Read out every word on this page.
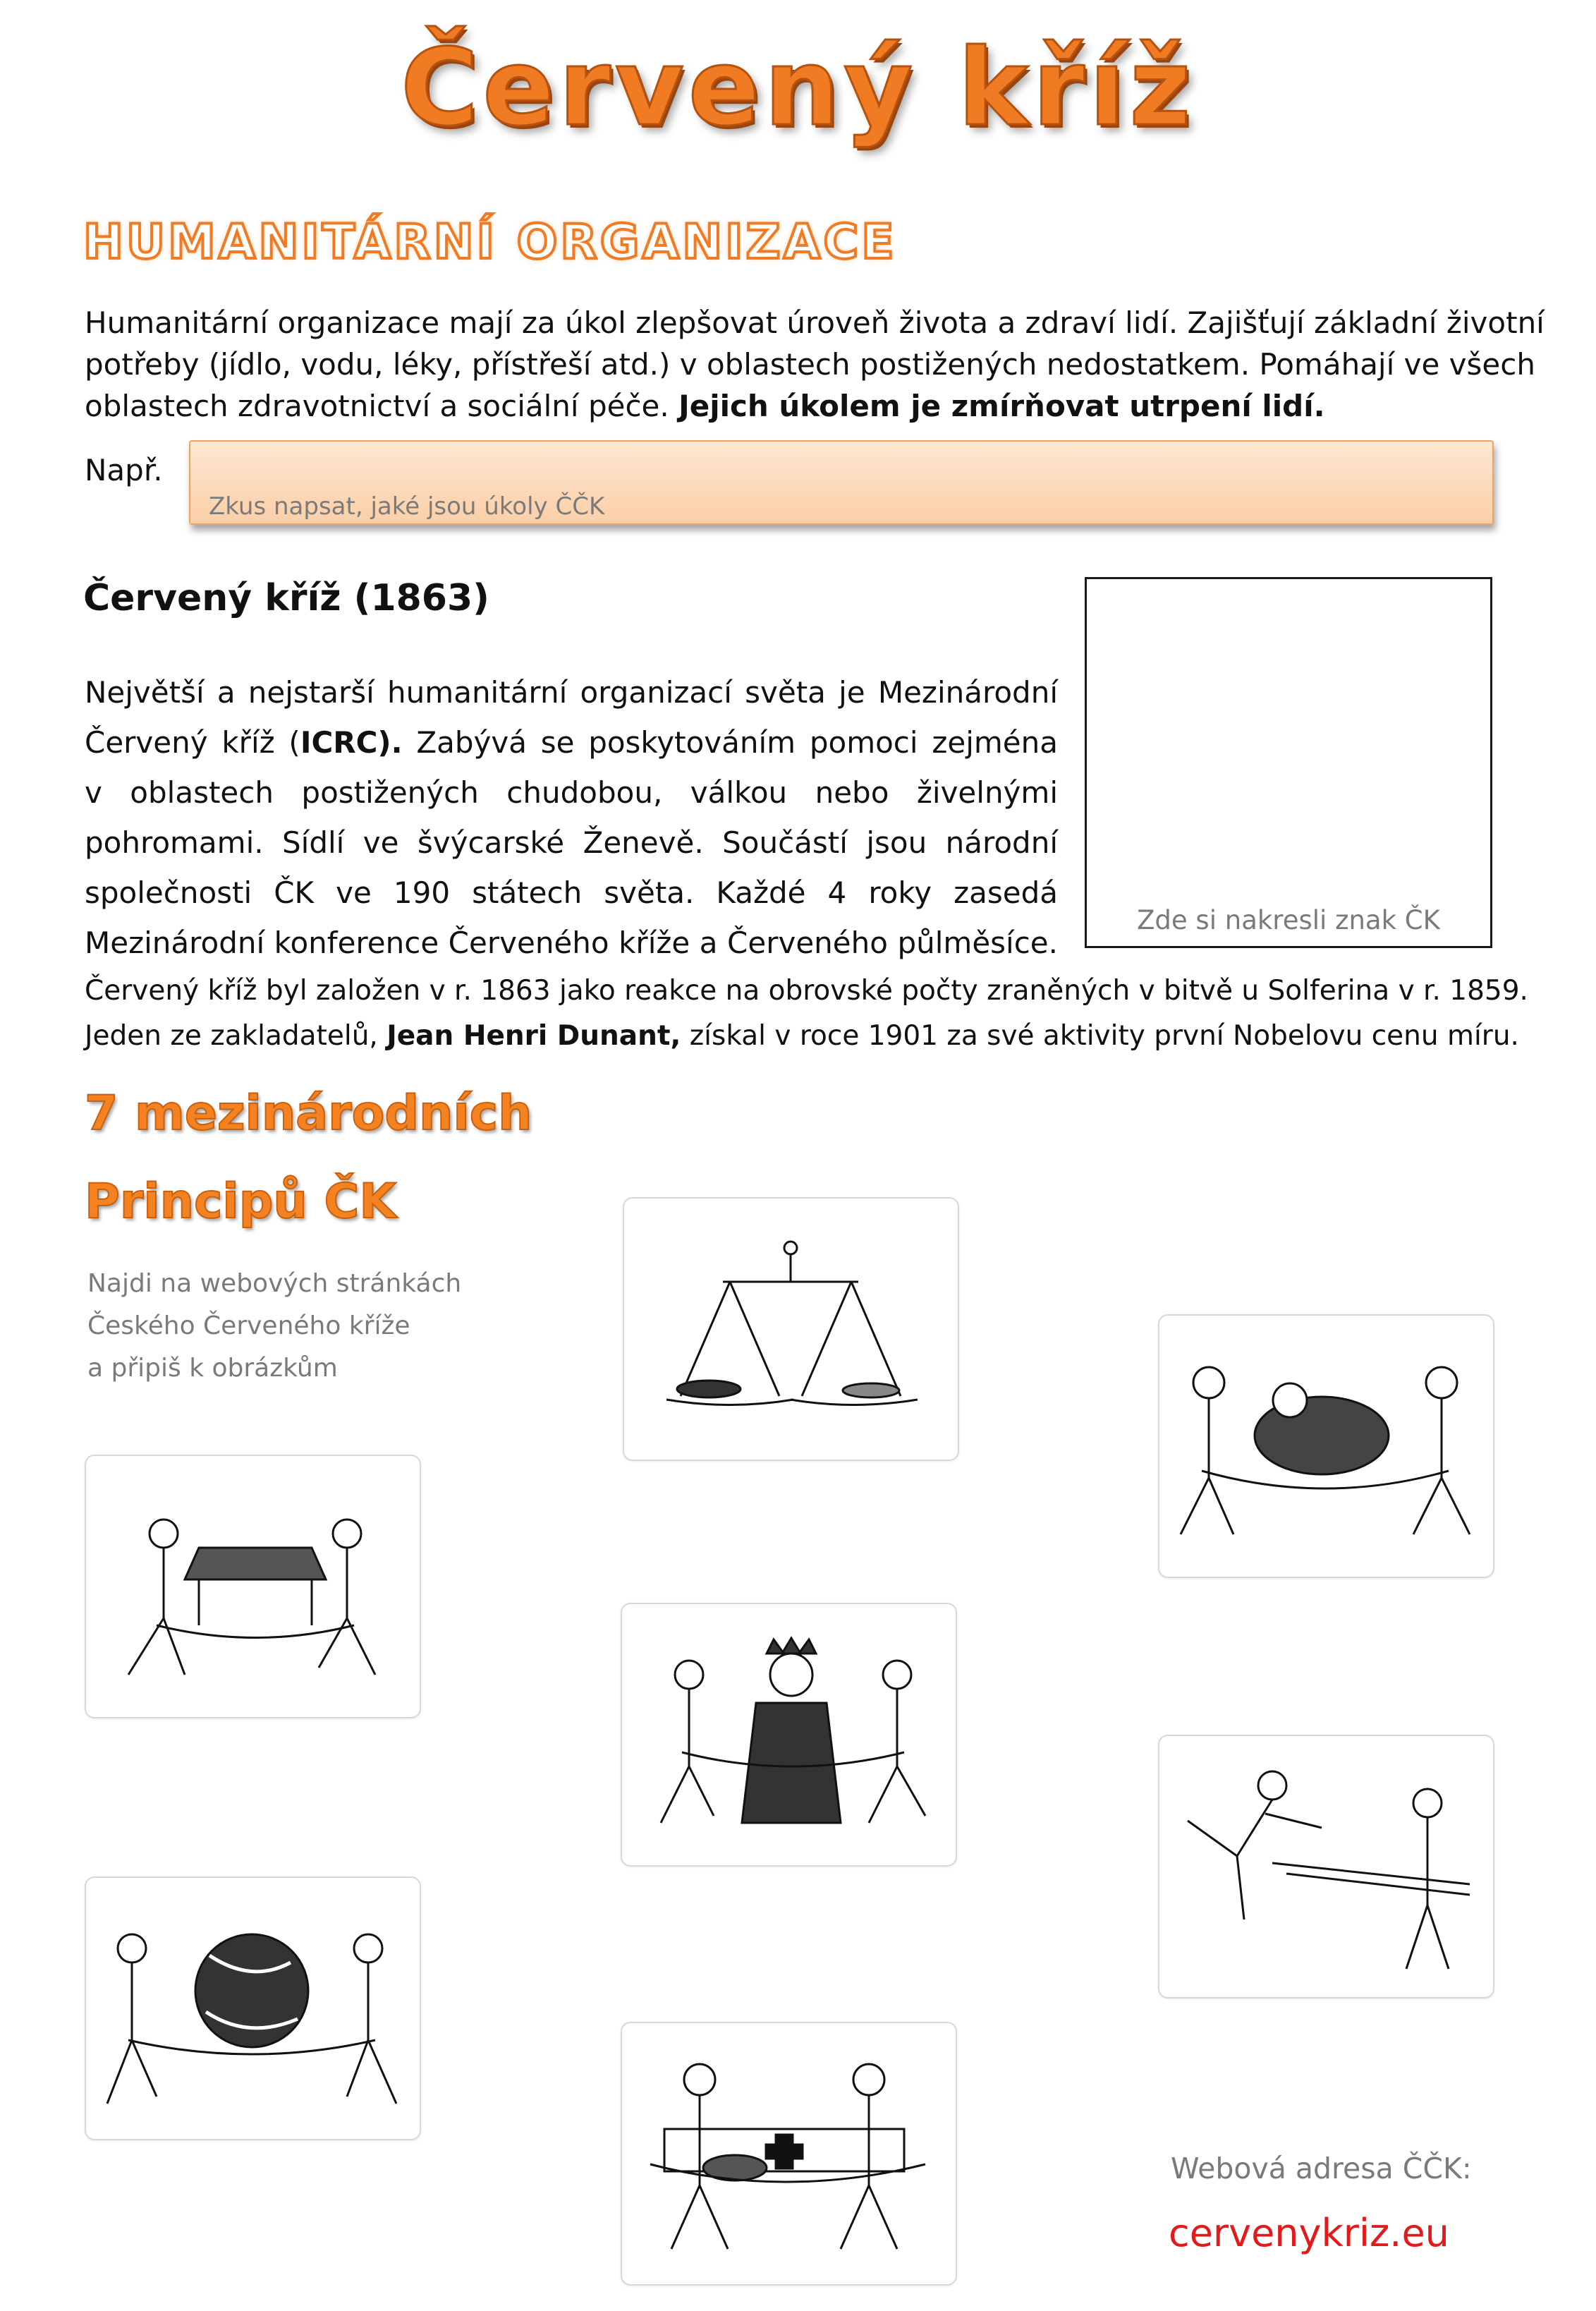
Červený kříž
HUMANITÁRNÍ ORGANIZACE
Humanitární organizace mají za úkol zlepšovat úroveň života a zdraví lidí. Zajišťují základní životní
potřeby (jídlo, vodu, léky, přístřeší atd.) v oblastech postižených nedostatkem. Pomáhají ve všech
oblastech zdravotnictví a sociální péče. Jejich úkolem je zmírňovat utrpení lidí.
Např.
Zkus napsat, jaké jsou úkoly ČČK
Červený kříž (1863)
Největší a nejstarší humanitární organizací světa je Mezinárodní
Červený kříž (ICRC). Zabývá se poskytováním pomoci zejména
v oblastech postižených chudobou, válkou nebo živelnými
pohromami. Sídlí ve švýcarské Ženevě. Součástí jsou národní
společnosti ČK ve 190 státech světa. Každé 4 roky zasedá
Mezinárodní konference Červeného kříže a Červeného půlměsíce.
Zde si nakresli znak ČK
Červený kříž byl založen v r. 1863 jako reakce na obrovské počty zraněných v bitvě u Solferina v r. 1859.
Jeden ze zakladatelů, Jean Henri Dunant, získal v roce 1901 za své aktivity první Nobelovu cenu míru.
7 mezinárodních
Principů ČK
Najdi na webových stránkách
Českého Červeného kříže
a připiš k obrázkům
Webová adresa ČČK:
cervenykriz.eu
